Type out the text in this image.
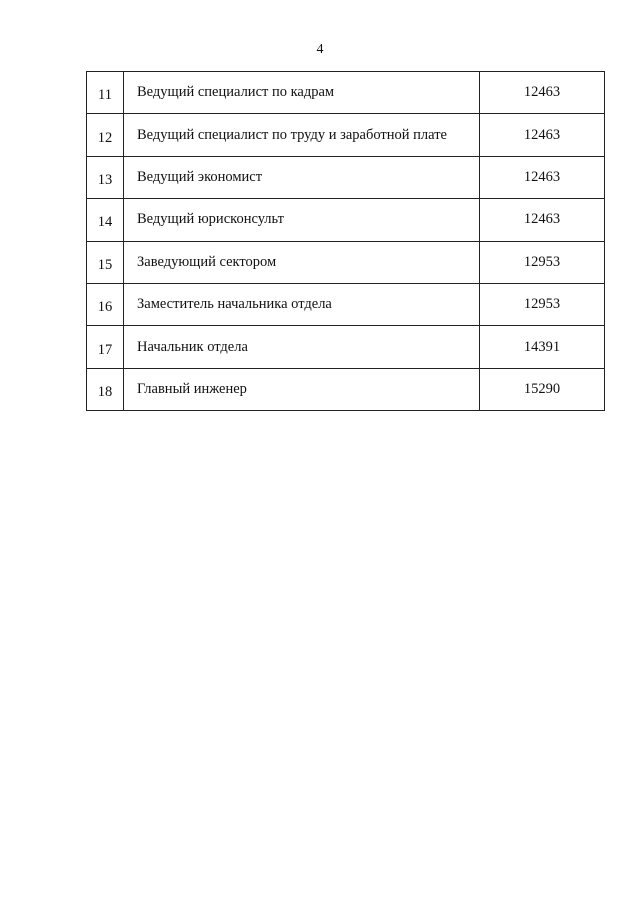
4
11	Ведущий специалист по кадрам	12463
12	Ведущий специалист по труду и заработной плате	12463
13	Ведущий экономист	12463
14	Ведущий юрисконсульт	12463
15	Заведующий сектором	12953
16	Заместитель начальника отдела	12953
17	Начальник отдела	14391
18	Главный инженер	15290
